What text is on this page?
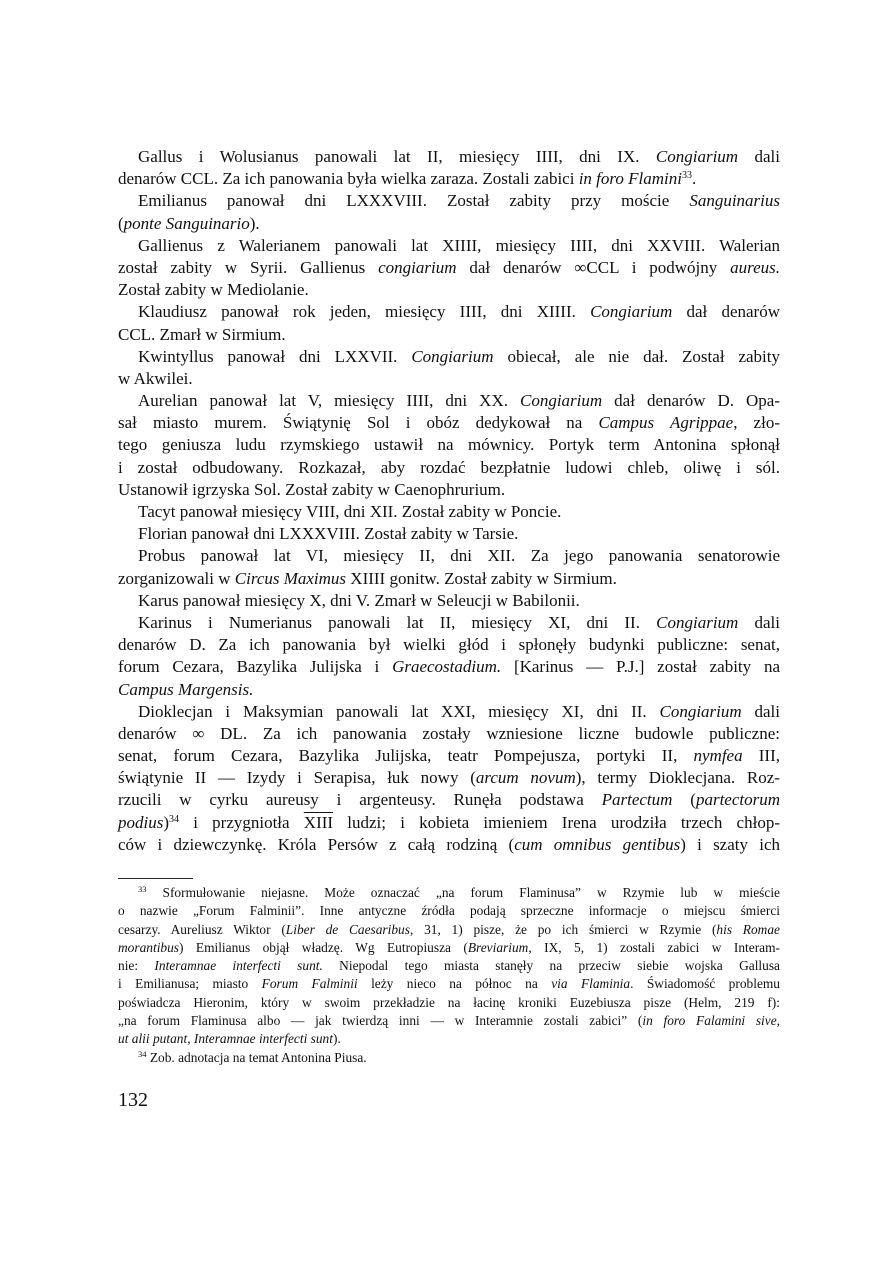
Gallus i Wolusianus panowali lat II, miesięcy IIII, dni IX. Congiarium dali
denarów CCL. Za ich panowania była wielka zaraza. Zostali zabici in foro Flamini$^{33}$.
Emilianus panował dni LXXXVIII. Został zabity przy moście Sanguinarius
(ponte Sanguinario).
Gallienus z Walerianem panowali lat XIIII, miesięcy IIII, dni XXVIII. Walerian
został zabity w Syrii. Gallienus congiarium dał denarów ∞CCL i podwójny aureus.
Został zabity w Mediolanie.
Klaudiusz panował rok jeden, miesięcy IIII, dni XIIII. Congiarium dał denarów
CCL. Zmarł w Sirmium.
Kwintyllus panował dni LXXVII. Congiarium obiecał, ale nie dał. Został zabity
w Akwilei.
Aurelian panował lat V, miesięcy IIII, dni XX. Congiarium dał denarów D. Opa-
sał miasto murem. Świątynię Sol i obóz dedykował na Campus Agrippae, zło-
tego geniusza ludu rzymskiego ustawił na mównicy. Portyk term Antonina spłonął
i został odbudowany. Rozkazał, aby rozdać bezpłatnie ludowi chleb, oliwę i sól.
Ustanowił igrzyska Sol. Został zabity w Caenophrurium.
Tacyt panował miesięcy VIII, dni XII. Został zabity w Poncie.
Florian panował dni LXXXVIII. Został zabity w Tarsie.
Probus panował lat VI, miesięcy II, dni XII. Za jego panowania senatorowie
zorganizowali w Circus Maximus XIIII gonitw. Został zabity w Sirmium.
Karus panował miesięcy X, dni V. Zmarł w Seleucji w Babilonii.
Karinus i Numerianus panowali lat II, miesięcy XI, dni II. Congiarium dali
denarów D. Za ich panowania był wielki głód i spłonęły budynki publiczne: senat,
forum Cezara, Bazylika Julijska i Graecostadium. [Karinus — P.J.] został zabity na
Campus Margensis.
Dioklecjan i Maksymian panowali lat XXI, miesięcy XI, dni II. Congiarium dali
denarów ∞ DL. Za ich panowania zostały wzniesione liczne budowle publiczne:
senat, forum Cezara, Bazylika Julijska, teatr Pompejusza, portyki II, nymfea III,
świątynie II — Izydy i Serapisa, łuk nowy (arcum novum), termy Dioklecjana. Roz-
rzucili w cyrku aureusy i argenteusy. Runęła podstawa Partectum (partectorum
podius)$^{34}$ i przygniotła XIII ludzi; i kobieta imieniem Irena urodziła trzech chłop-
ców i dziewczynkę. Króla Persów z całą rodziną (cum omnibus gentibus) i szaty ich
$^{33}$ Sformułowanie niejasne. Może oznaczać „na forum Flaminusa” w Rzymie lub w mieście
o nazwie „Forum Falminii”. Inne antyczne źródła podają sprzeczne informacje o miejscu śmierci
cesarzy. Aureliusz Wiktor (Liber de Caesaribus, 31, 1) pisze, że po ich śmierci w Rzymie (his Romae
morantibus) Emilianus objął władzę. Wg Eutropiusza (Breviarium, IX, 5, 1) zostali zabici w Interam-
nie: Interamnae interfecti sunt. Niepodal tego miasta stanęły na przeciw siebie wojska Gallusa
i Emilianusa; miasto Forum Falminii leży nieco na północ na via Flaminia. Świadomość problemu
poświadcza Hieronim, który w swoim przekładzie na łacinę kroniki Euzebiusza pisze (Helm, 219 f):
„na forum Flaminusa albo — jak twierdzą inni — w Interamnie zostali zabici” (in foro Falamini sive,
ut alii putant, Interamnae interfecti sunt).
$^{34}$ Zob. adnotacja na temat Antonina Piusa.
132
